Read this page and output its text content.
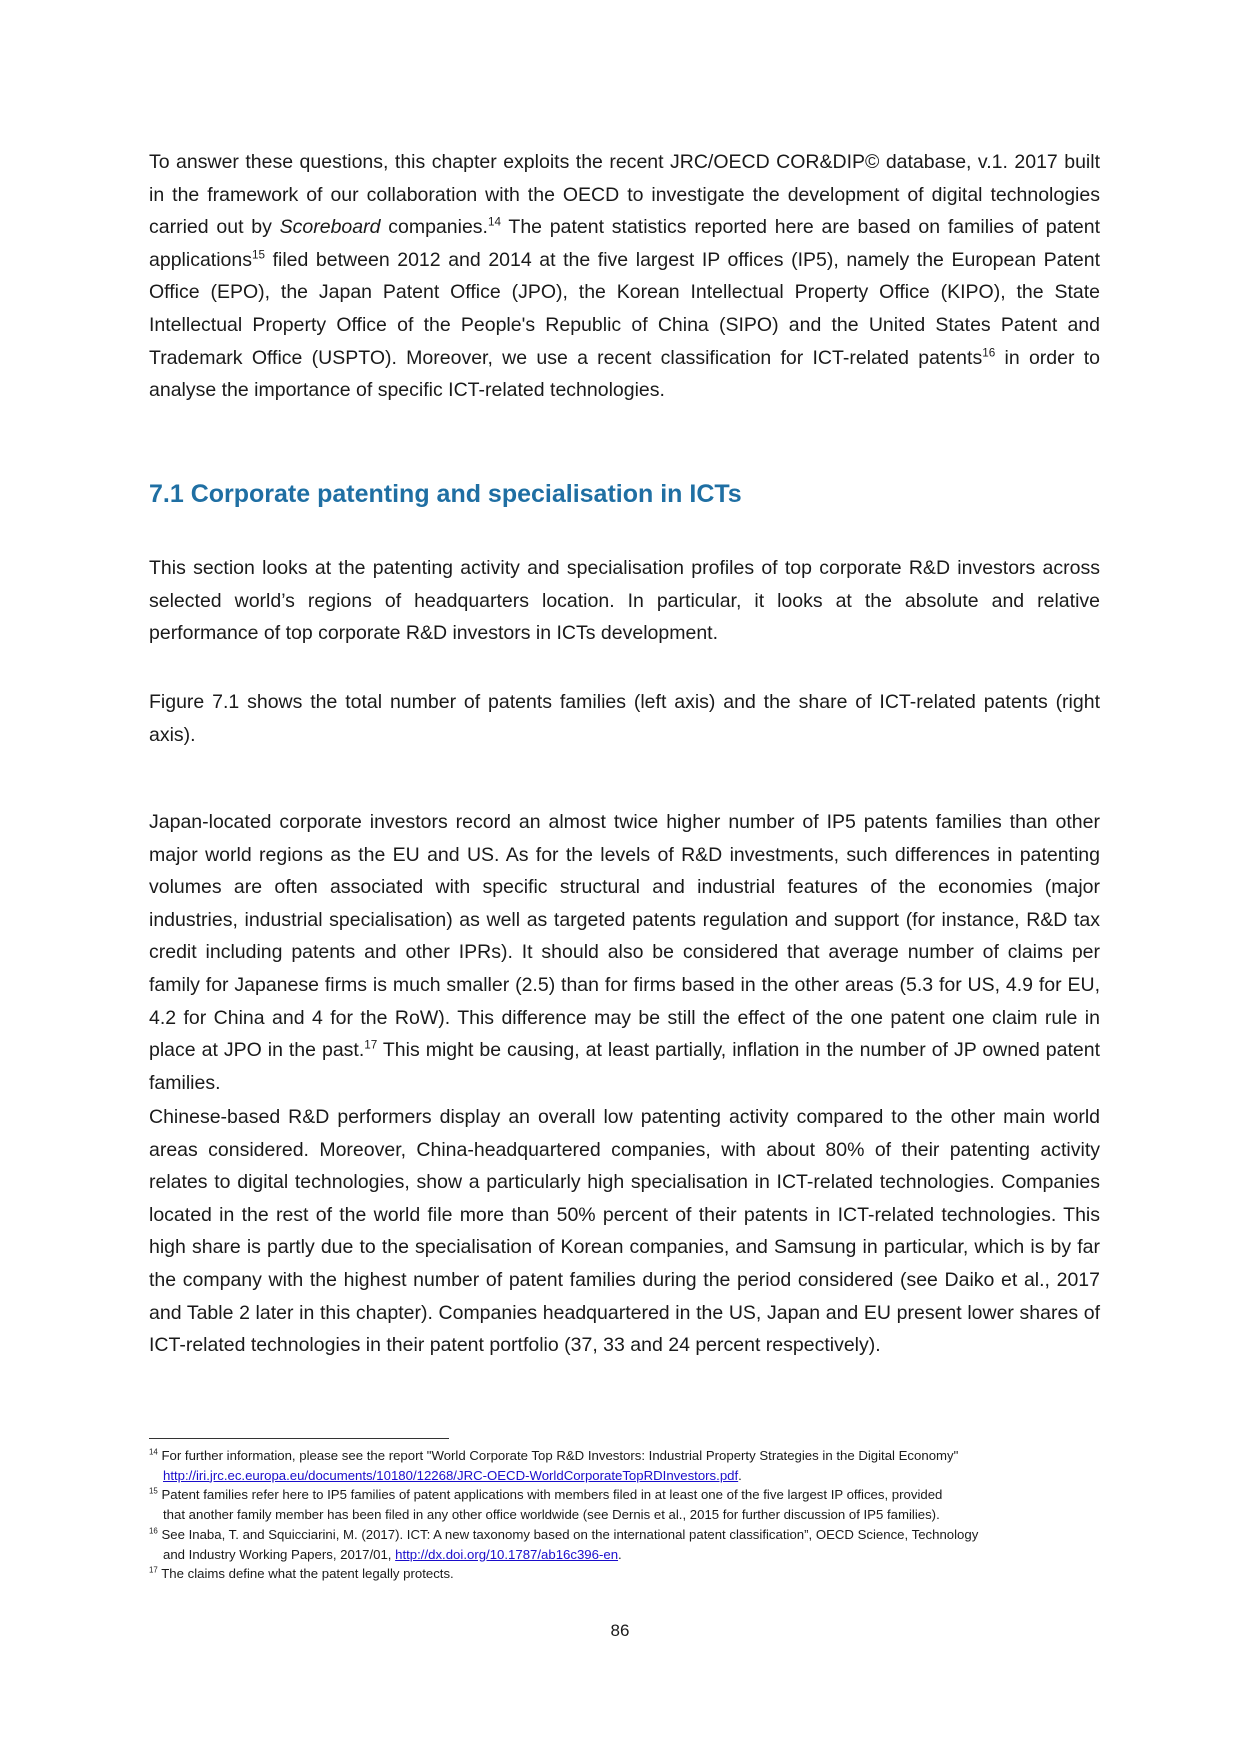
To answer these questions, this chapter exploits the recent JRC/OECD COR&DIP© database, v.1. 2017 built in the framework of our collaboration with the OECD to investigate the development of digital technologies carried out by Scoreboard companies.$^{14}$ The patent statistics reported here are based on families of patent applications$^{15}$ filed between 2012 and 2014 at the five largest IP offices (IP5), namely the European Patent Office (EPO), the Japan Patent Office (JPO), the Korean Intellectual Property Office (KIPO), the State Intellectual Property Office of the People's Republic of China (SIPO) and the United States Patent and Trademark Office (USPTO). Moreover, we use a recent classification for ICT-related patents$^{16}$ in order to analyse the importance of specific ICT-related technologies.

7.1 Corporate patenting and specialisation in ICTs

This section looks at the patenting activity and specialisation profiles of top corporate R&D investors across selected world’s regions of headquarters location. In particular, it looks at the absolute and relative performance of top corporate R&D investors in ICTs development.

Figure 7.1 shows the total number of patents families (left axis) and the share of ICT-related patents (right axis).

Japan-located corporate investors record an almost twice higher number of IP5 patents families than other major world regions as the EU and US. As for the levels of R&D investments, such differences in patenting volumes are often associated with specific structural and industrial features of the economies (major industries, industrial specialisation) as well as targeted patents regulation and support (for instance, R&D tax credit including patents and other IPRs). It should also be considered that average number of claims per family for Japanese firms is much smaller (2.5) than for firms based in the other areas (5.3 for US, 4.9 for EU, 4.2 for China and 4 for the RoW). This difference may be still the effect of the one patent one claim rule in place at JPO in the past.$^{17}$ This might be causing, at least partially, inflation in the number of JP owned patent families.

Chinese-based R&D performers display an overall low patenting activity compared to the other main world areas considered. Moreover, China-headquartered companies, with about 80% of their patenting activity relates to digital technologies, show a particularly high specialisation in ICT-related technologies. Companies located in the rest of the world file more than 50% percent of their patents in ICT-related technologies. This high share is partly due to the specialisation of Korean companies, and Samsung in particular, which is by far the company with the highest number of patent families during the period considered (see Daiko et al., 2017 and Table 2 later in this chapter). Companies headquartered in the US, Japan and EU present lower shares of ICT-related technologies in their patent portfolio (37, 33 and 24 percent respectively).

$^{14}$ For further information, please see the report "World Corporate Top R&D Investors: Industrial Property Strategies in the Digital Economy"
http://iri.jrc.ec.europa.eu/documents/10180/12268/JRC-OECD-WorldCorporateTopRDInvestors.pdf.

$^{15}$ Patent families refer here to IP5 families of patent applications with members filed in at least one of the five largest IP offices, provided
that another family member has been filed in any other office worldwide (see Dernis et al., 2015 for further discussion of IP5 families).

$^{16}$ See Inaba, T. and Squicciarini, M. (2017). ICT: A new taxonomy based on the international patent classification”, OECD Science, Technology
and Industry Working Papers, 2017/01, http://dx.doi.org/10.1787/ab16c396-en.

$^{17}$ The claims define what the patent legally protects.

86
